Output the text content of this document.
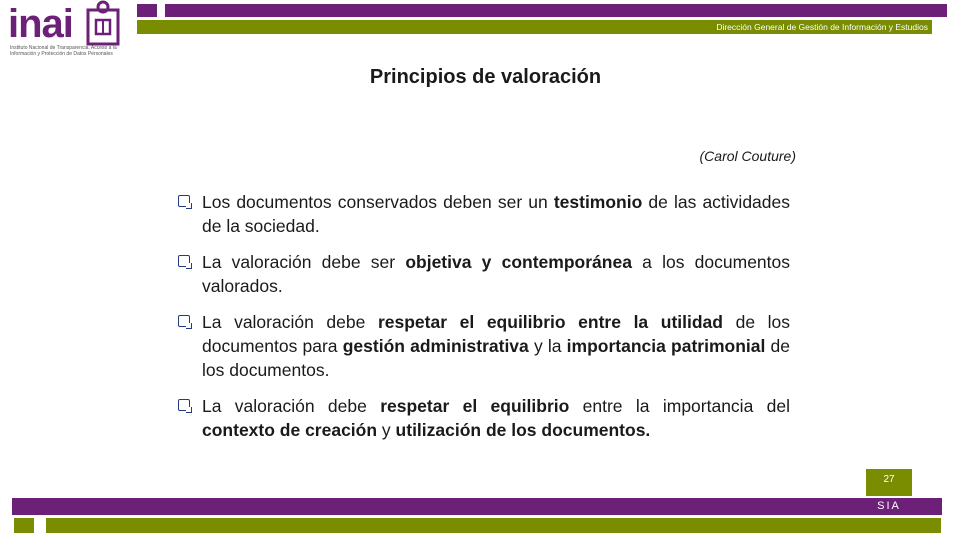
inai
Instituto Nacional de Transparencia, Acceso a la Información y Protección de Datos Personales
Dirección General de Gestión de Información y Estudios
Principios de valoración
(Carol Couture)
Los documentos conservados deben ser un testimonio de las actividades de la sociedad.
La valoración debe ser objetiva y contemporánea a los documentos valorados.
La valoración debe respetar el equilibrio entre la utilidad de los documentos para gestión administrativa y la importancia patrimonial de los documentos.
La valoración debe respetar el equilibrio entre la importancia del contexto de creación y utilización de los documentos.
27
SIA
